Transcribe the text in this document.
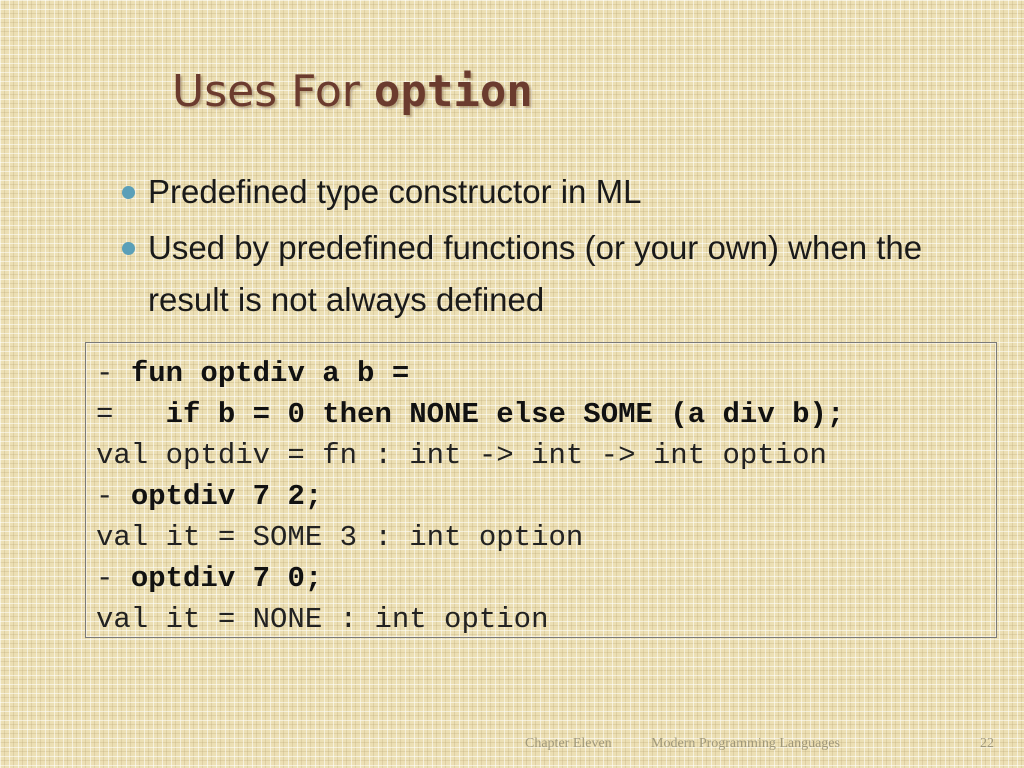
Uses For option
Predefined type constructor in ML
Used by predefined functions (or your own) when the result is not always defined
- fun optdiv a b =
=   if b = 0 then NONE else SOME (a div b);
val optdiv = fn : int -> int -> int option
- optdiv 7 2;
val it = SOME 3 : int option
- optdiv 7 0;
val it = NONE : int option
Chapter Eleven	Modern Programming Languages	22
